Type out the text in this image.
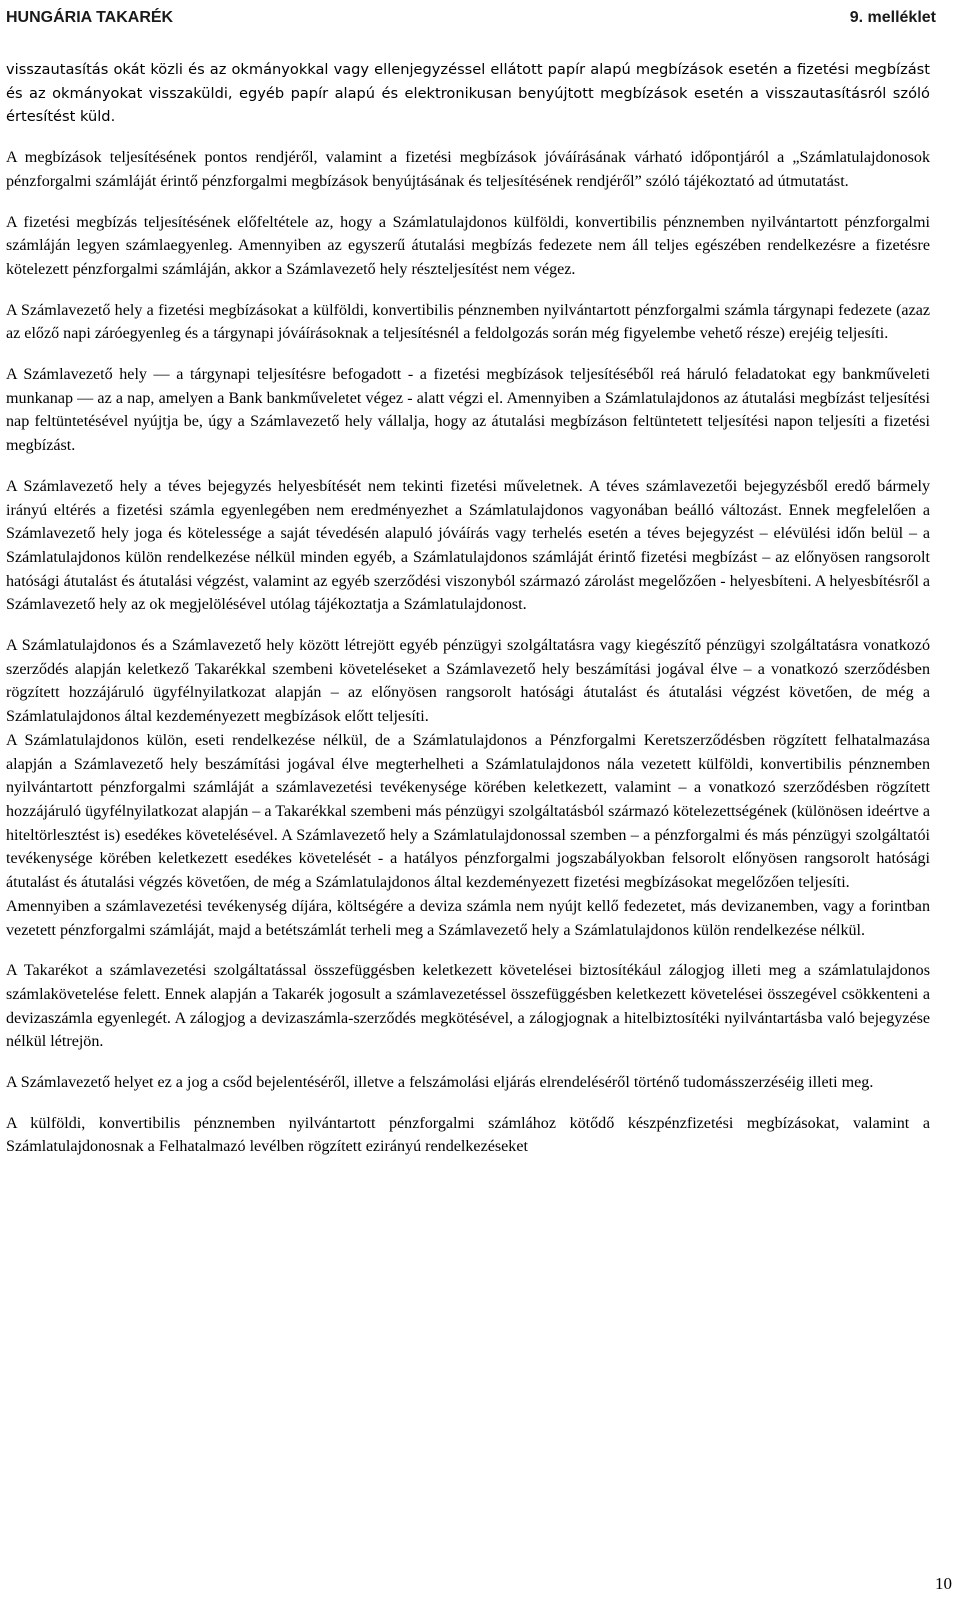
HUNGÁRIA TAKARÉK	9. melléklet

visszautasítás okát közli és az okmányokkal vagy ellenjegyzéssel ellátott papír alapú megbízások esetén a fizetési megbízást és az okmányokat visszaküldi, egyéb papír alapú és elektronikusan benyújtott megbízások esetén a visszautasításról szóló értesítést küld.

A megbízások teljesítésének pontos rendjéről, valamint a fizetési megbízások jóváírásának várható időpontjáról a „Számlatulajdonosok pénzforgalmi számláját érintő pénzforgalmi megbízások benyújtásának és teljesítésének rendjéről” szóló tájékoztató ad útmutatást.

A fizetési megbízás teljesítésének előfeltétele az, hogy a Számlatulajdonos külföldi, konvertibilis pénznemben nyilvántartott pénzforgalmi számláján legyen számlaegyenleg. Amennyiben az egyszerű átutalási megbízás fedezete nem áll teljes egészében rendelkezésre a fizetésre kötelezett pénzforgalmi számláján, akkor a Számlavezető hely részteljesítést nem végez.

A Számlavezető hely a fizetési megbízásokat a külföldi, konvertibilis pénznemben nyilvántartott pénzforgalmi számla tárgynapi fedezete (azaz az előző napi záróegyenleg és a tárgynapi jóváírásoknak a teljesítésnél a feldolgozás során még figyelembe vehető része) erejéig teljesíti.

A Számlavezető hely — a tárgynapi teljesítésre befogadott - a fizetési megbízások teljesítéséből reá háruló feladatokat egy bankműveleti munkanap — az a nap, amelyen a Bank bankműveletet végez - alatt végzi el. Amennyiben a Számlatulajdonos az átutalási megbízást teljesítési nap feltüntetésével nyújtja be, úgy a Számlavezető hely vállalja, hogy az átutalási megbízáson feltüntetett teljesítési napon teljesíti a fizetési megbízást.

A Számlavezető hely a téves bejegyzés helyesbítését nem tekinti fizetési műveletnek. A téves számlavezetői bejegyzésből eredő bármely irányú eltérés a fizetési számla egyenlegében nem eredményezhet a Számlatulajdonos vagyonában beálló változást. Ennek megfelelően a Számlavezető hely joga és kötelessége a saját tévedésén alapuló jóváírás vagy terhelés esetén a téves bejegyzést – elévülési időn belül – a Számlatulajdonos külön rendelkezése nélkül minden egyéb, a Számlatulajdonos számláját érintő fizetési megbízást – az előnyösen rangsorolt hatósági átutalást és átutalási végzést, valamint az egyéb szerződési viszonyból származó zárolást megelőzően - helyesbíteni. A helyesbítésről a Számlavezető hely az ok megjelölésével utólag tájékoztatja a Számlatulajdonost.

A Számlatulajdonos és a Számlavezető hely között létrejött egyéb pénzügyi szolgáltatásra vagy kiegészítő pénzügyi szolgáltatásra vonatkozó szerződés alapján keletkező Takarékkal szembeni követeléseket a Számlavezető hely beszámítási jogával élve – a vonatkozó szerződésben rögzített hozzájáruló ügyfélnyilatkozat alapján – az előnyösen rangsorolt hatósági átutalást és átutalási végzést követően, de még a Számlatulajdonos által kezdeményezett megbízások előtt teljesíti.

A Számlatulajdonos külön, eseti rendelkezése nélkül, de a Számlatulajdonos a Pénzforgalmi Keretszerződésben rögzített felhatalmazása alapján a Számlavezető hely beszámítási jogával élve megterhelheti a Számlatulajdonos nála vezetett külföldi, konvertibilis pénznemben nyilvántartott pénzforgalmi számláját a számlavezetési tevékenysége körében keletkezett, valamint – a vonatkozó szerződésben rögzített hozzájáruló ügyfélnyilatkozat alapján – a Takarékkal szembeni más pénzügyi szolgáltatásból származó kötelezettségének (különösen ideértve a hiteltörlesztést is) esedékes követelésével. A Számlavezető hely a Számlatulajdonossal szemben – a pénzforgalmi és más pénzügyi szolgáltatói tevékenysége körében keletkezett esedékes követelését - a hatályos pénzforgalmi jogszabályokban felsorolt előnyösen rangsorolt hatósági átutalást és átutalási végzés követően, de még a Számlatulajdonos által kezdeményezett fizetési megbízásokat megelőzően teljesíti.

Amennyiben a számlavezetési tevékenység díjára, költségére a deviza számla nem nyújt kellő fedezetet, más devizanemben, vagy a forintban vezetett pénzforgalmi számláját, majd a betétszámlát terheli meg a Számlavezető hely a Számlatulajdonos külön rendelkezése nélkül.

A Takarékot a számlavezetési szolgáltatással összefüggésben keletkezett követelései biztosítékául zálogjog illeti meg a számlatulajdonos számlakövetelése felett. Ennek alapján a Takarék jogosult a számlavezetéssel összefüggésben keletkezett követelései összegével csökkenteni a devizaszámla egyenlegét. A zálogjog a devizaszámla-szerződés megkötésével, a zálogjognak a hitelbiztosítéki nyilvántartásba való bejegyzése nélkül létrejön.

A Számlavezető helyet ez a jog a csőd bejelentéséről, illetve a felszámolási eljárás elrendeléséről történő tudomásszerzéséig illeti meg.

A külföldi, konvertibilis pénznemben nyilvántartott pénzforgalmi számlához kötődő készpénzfizetési megbízásokat, valamint a Számlatulajdonosnak a Felhatalmazó levélben rögzített ezirányú rendelkezéseket

10
